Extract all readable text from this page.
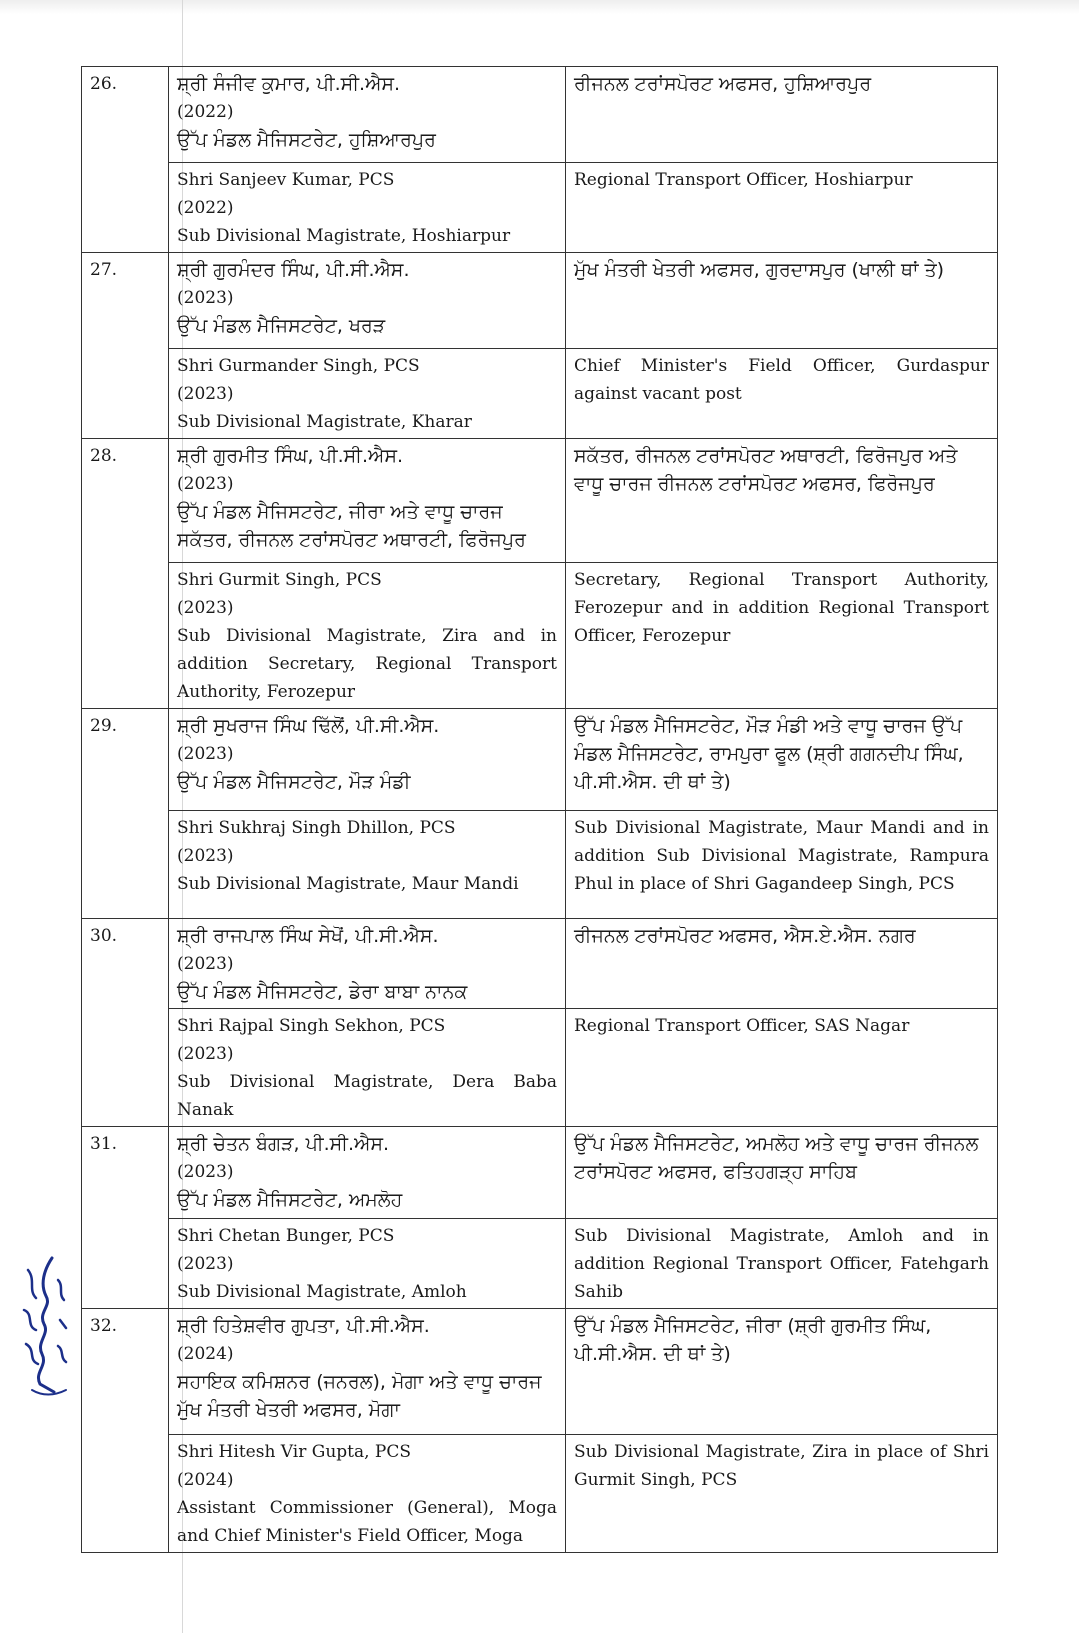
26.	ਸ਼੍ਰੀ ਸੰਜੀਵ ਕੁਮਾਰ, ਪੀ.ਸੀ.ਐਸ.
(2022)
ਉੱਪ ਮੰਡਲ ਮੈਜਿਸਟਰੇਟ, ਹੁਸ਼ਿਆਰਪੁਰ	ਰੀਜਨਲ ਟਰਾਂਸਪੋਰਟ ਅਫਸਰ, ਹੁਸ਼ਿਆਰਪੁਰ

	Shri Sanjeev Kumar, PCS
(2022)
Sub Divisional Magistrate, Hoshiarpur	Regional Transport Officer, Hoshiarpur
27.	ਸ਼੍ਰੀ ਗੁਰਮੰਦਰ ਸਿੰਘ, ਪੀ.ਸੀ.ਐਸ.
(2023)
ਉੱਪ ਮੰਡਲ ਮੈਜਿਸਟਰੇਟ, ਖਰੜ	ਮੁੱਖ ਮੰਤਰੀ ਖੇਤਰੀ ਅਫਸਰ, ਗੁਰਦਾਸਪੁਰ (ਖਾਲੀ ਥਾਂ ਤੇ)

	Shri Gurmander Singh, PCS
(2023)
Sub Divisional Magistrate, Kharar	Chief Minister's Field Officer, Gurdaspur against vacant post
28.	ਸ਼੍ਰੀ ਗੁਰਮੀਤ ਸਿੰਘ, ਪੀ.ਸੀ.ਐਸ.
(2023)
ਉੱਪ ਮੰਡਲ ਮੈਜਿਸਟਰੇਟ, ਜੀਰਾ ਅਤੇ ਵਾਧੂ ਚਾਰਜ ਸਕੱਤਰ, ਰੀਜਨਲ ਟਰਾਂਸਪੋਰਟ ਅਥਾਰਟੀ, ਫਿਰੋਜਪੁਰ	ਸਕੱਤਰ, ਰੀਜਨਲ ਟਰਾਂਸਪੋਰਟ ਅਥਾਰਟੀ, ਫਿਰੋਜਪੁਰ ਅਤੇ ਵਾਧੂ ਚਾਰਜ ਰੀਜਨਲ ਟਰਾਂਸਪੋਰਟ ਅਫਸਰ, ਫਿਰੋਜਪੁਰ

	Shri Gurmit Singh, PCS
(2023)
Sub Divisional Magistrate, Zira and in addition Secretary, Regional Transport Authority, Ferozepur	Secretary, Regional Transport Authority, Ferozepur and in addition Regional Transport Officer, Ferozepur
29.	ਸ਼੍ਰੀ ਸੁਖਰਾਜ ਸਿੰਘ ਢਿੱਲੋਂ, ਪੀ.ਸੀ.ਐਸ.
(2023)
ਉੱਪ ਮੰਡਲ ਮੈਜਿਸਟਰੇਟ, ਮੌੜ ਮੰਡੀ	ਉੱਪ ਮੰਡਲ ਮੈਜਿਸਟਰੇਟ, ਮੌੜ ਮੰਡੀ ਅਤੇ ਵਾਧੂ ਚਾਰਜ ਉੱਪ ਮੰਡਲ ਮੈਜਿਸਟਰੇਟ, ਰਾਮਪੁਰਾ ਫੂਲ (ਸ਼੍ਰੀ ਗਗਨਦੀਪ ਸਿੰਘ, ਪੀ.ਸੀ.ਐਸ. ਦੀ ਥਾਂ ਤੇ)

	Shri Sukhraj Singh Dhillon, PCS
(2023)
Sub Divisional Magistrate, Maur Mandi	Sub Divisional Magistrate, Maur Mandi and in addition Sub Divisional Magistrate, Rampura Phul in place of Shri Gagandeep Singh, PCS
30.	ਸ਼੍ਰੀ ਰਾਜਪਾਲ ਸਿੰਘ ਸੇਖੋਂ, ਪੀ.ਸੀ.ਐਸ.
(2023)
ਉੱਪ ਮੰਡਲ ਮੈਜਿਸਟਰੇਟ, ਡੇਰਾ ਬਾਬਾ ਨਾਨਕ	ਰੀਜਨਲ ਟਰਾਂਸਪੋਰਟ ਅਫਸਰ, ਐਸ.ਏ.ਐਸ. ਨਗਰ

	Shri Rajpal Singh Sekhon, PCS
(2023)
Sub Divisional Magistrate, Dera Baba Nanak	Regional Transport Officer, SAS Nagar
31.	ਸ਼੍ਰੀ ਚੇਤਨ ਬੰਗੜ, ਪੀ.ਸੀ.ਐਸ.
(2023)
ਉੱਪ ਮੰਡਲ ਮੈਜਿਸਟਰੇਟ, ਅਮਲੋਹ	ਉੱਪ ਮੰਡਲ ਮੈਜਿਸਟਰੇਟ, ਅਮਲੋਹ ਅਤੇ ਵਾਧੂ ਚਾਰਜ ਰੀਜਨਲ ਟਰਾਂਸਪੋਰਟ ਅਫਸਰ, ਫਤਿਹਗੜ੍ਹ ਸਾਹਿਬ

	Shri Chetan Bunger, PCS
(2023)
Sub Divisional Magistrate, Amloh	Sub Divisional Magistrate, Amloh and in addition Regional Transport Officer, Fatehgarh Sahib
32.	ਸ਼੍ਰੀ ਹਿਤੇਸ਼ਵੀਰ ਗੁਪਤਾ, ਪੀ.ਸੀ.ਐਸ.
(2024)
ਸਹਾਇਕ ਕਮਿਸ਼ਨਰ (ਜਨਰਲ), ਮੋਗਾ ਅਤੇ ਵਾਧੂ ਚਾਰਜ ਮੁੱਖ ਮੰਤਰੀ ਖੇਤਰੀ ਅਫਸਰ, ਮੋਗਾ	ਉੱਪ ਮੰਡਲ ਮੈਜਿਸਟਰੇਟ, ਜੀਰਾ (ਸ਼੍ਰੀ ਗੁਰਮੀਤ ਸਿੰਘ, ਪੀ.ਸੀ.ਐਸ. ਦੀ ਥਾਂ ਤੇ)

	Shri Hitesh Vir Gupta, PCS
(2024)
Assistant Commissioner (General), Moga and Chief Minister's Field Officer, Moga	Sub Divisional Magistrate, Zira in place of Shri Gurmit Singh, PCS
